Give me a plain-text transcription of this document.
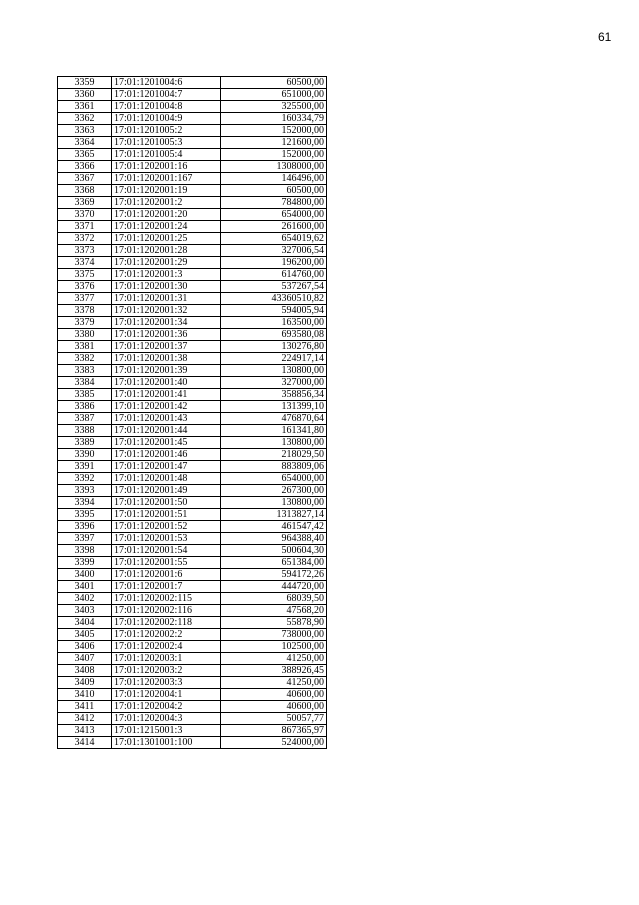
61
3359	17:01:1201004:6	60500,00
3360	17:01:1201004:7	651000,00
3361	17:01:1201004:8	325500,00
3362	17:01:1201004:9	160334,79
3363	17:01:1201005:2	152000,00
3364	17:01:1201005:3	121600,00
3365	17:01:1201005:4	152000,00
3366	17:01:1202001:16	1308000,00
3367	17:01:1202001:167	146496,00
3368	17:01:1202001:19	60500,00
3369	17:01:1202001:2	784800,00
3370	17:01:1202001:20	654000,00
3371	17:01:1202001:24	261600,00
3372	17:01:1202001:25	654019,62
3373	17:01:1202001:28	327006,54
3374	17:01:1202001:29	196200,00
3375	17:01:1202001:3	614760,00
3376	17:01:1202001:30	537267,54
3377	17:01:1202001:31	43360510,82
3378	17:01:1202001:32	594005,94
3379	17:01:1202001:34	163500,00
3380	17:01:1202001:36	693580,08
3381	17:01:1202001:37	130276,80
3382	17:01:1202001:38	224917,14
3383	17:01:1202001:39	130800,00
3384	17:01:1202001:40	327000,00
3385	17:01:1202001:41	358856,34
3386	17:01:1202001:42	131399,10
3387	17:01:1202001:43	476870,64
3388	17:01:1202001:44	161341,80
3389	17:01:1202001:45	130800,00
3390	17:01:1202001:46	218029,50
3391	17:01:1202001:47	883809,06
3392	17:01:1202001:48	654000,00
3393	17:01:1202001:49	267300,00
3394	17:01:1202001:50	130800,00
3395	17:01:1202001:51	1313827,14
3396	17:01:1202001:52	461547,42
3397	17:01:1202001:53	964388,40
3398	17:01:1202001:54	500604,30
3399	17:01:1202001:55	651384,00
3400	17:01:1202001:6	594172,26
3401	17:01:1202001:7	444720,00
3402	17:01:1202002:115	68039,50
3403	17:01:1202002:116	47568,20
3404	17:01:1202002:118	55878,90
3405	17:01:1202002:2	738000,00
3406	17:01:1202002:4	102500,00
3407	17:01:1202003:1	41250,00
3408	17:01:1202003:2	388926,45
3409	17:01:1202003:3	41250,00
3410	17:01:1202004:1	40600,00
3411	17:01:1202004:2	40600,00
3412	17:01:1202004:3	50057,77
3413	17:01:1215001:3	867365,97
3414	17:01:1301001:100	524000,00
